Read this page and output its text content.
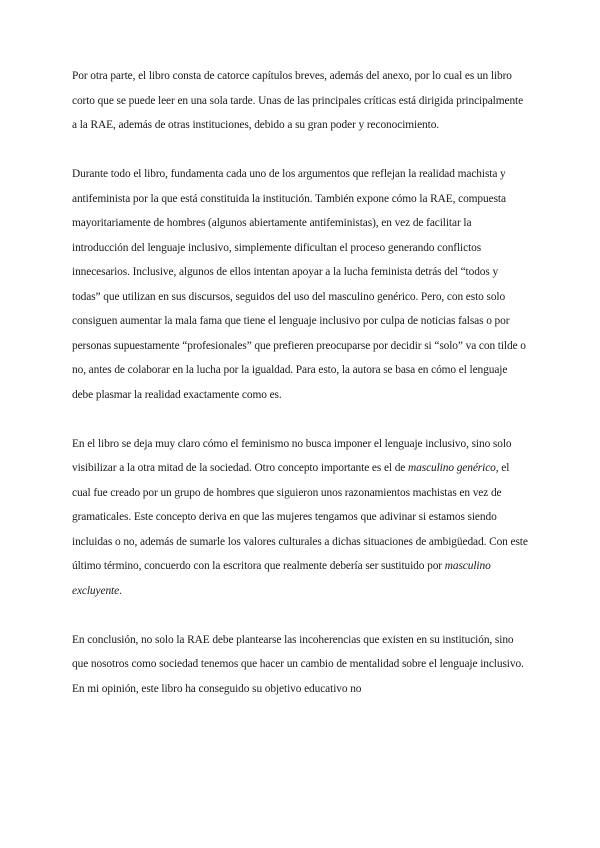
Por otra parte, el libro consta de catorce capítulos breves, además del anexo, por lo cual es un libro corto que se puede leer en una sola tarde. Unas de las principales críticas está dirigida principalmente a la RAE, además de otras instituciones, debido a su gran poder y reconocimiento.

Durante todo el libro, fundamenta cada uno de los argumentos que reflejan la realidad machista y antifeminista por la que está constituida la institución. También expone cómo la RAE, compuesta mayoritariamente de hombres (algunos abiertamente antifeministas), en vez de facilitar la introducción del lenguaje inclusivo, simplemente dificultan el proceso generando conflictos innecesarios. Inclusive, algunos de ellos intentan apoyar a la lucha feminista detrás del “todos y todas” que utilizan en sus discursos, seguidos del uso del masculino genérico. Pero, con esto solo consiguen aumentar la mala fama que tiene el lenguaje inclusivo por culpa de noticias falsas o por personas supuestamente “profesionales” que prefieren preocuparse por decidir si “solo” va con tilde o no, antes de colaborar en la lucha por la igualdad. Para esto, la autora se basa en cómo el lenguaje debe plasmar la realidad exactamente como es.

En el libro se deja muy claro cómo el feminismo no busca imponer el lenguaje inclusivo, sino solo visibilizar a la otra mitad de la sociedad. Otro concepto importante es el de masculino genérico, el cual fue creado por un grupo de hombres que siguieron unos razonamientos machistas en vez de gramaticales. Este concepto deriva en que las mujeres tengamos que adivinar si estamos siendo incluidas o no, además de sumarle los valores culturales a dichas situaciones de ambigüedad. Con este último término, concuerdo con la escritora que realmente debería ser sustituido por masculino excluyente.

En conclusión, no solo la RAE debe plantearse las incoherencias que existen en su institución, sino que nosotros como sociedad tenemos que hacer un cambio de mentalidad sobre el lenguaje inclusivo. En mi opinión, este libro ha conseguido su objetivo educativo no
